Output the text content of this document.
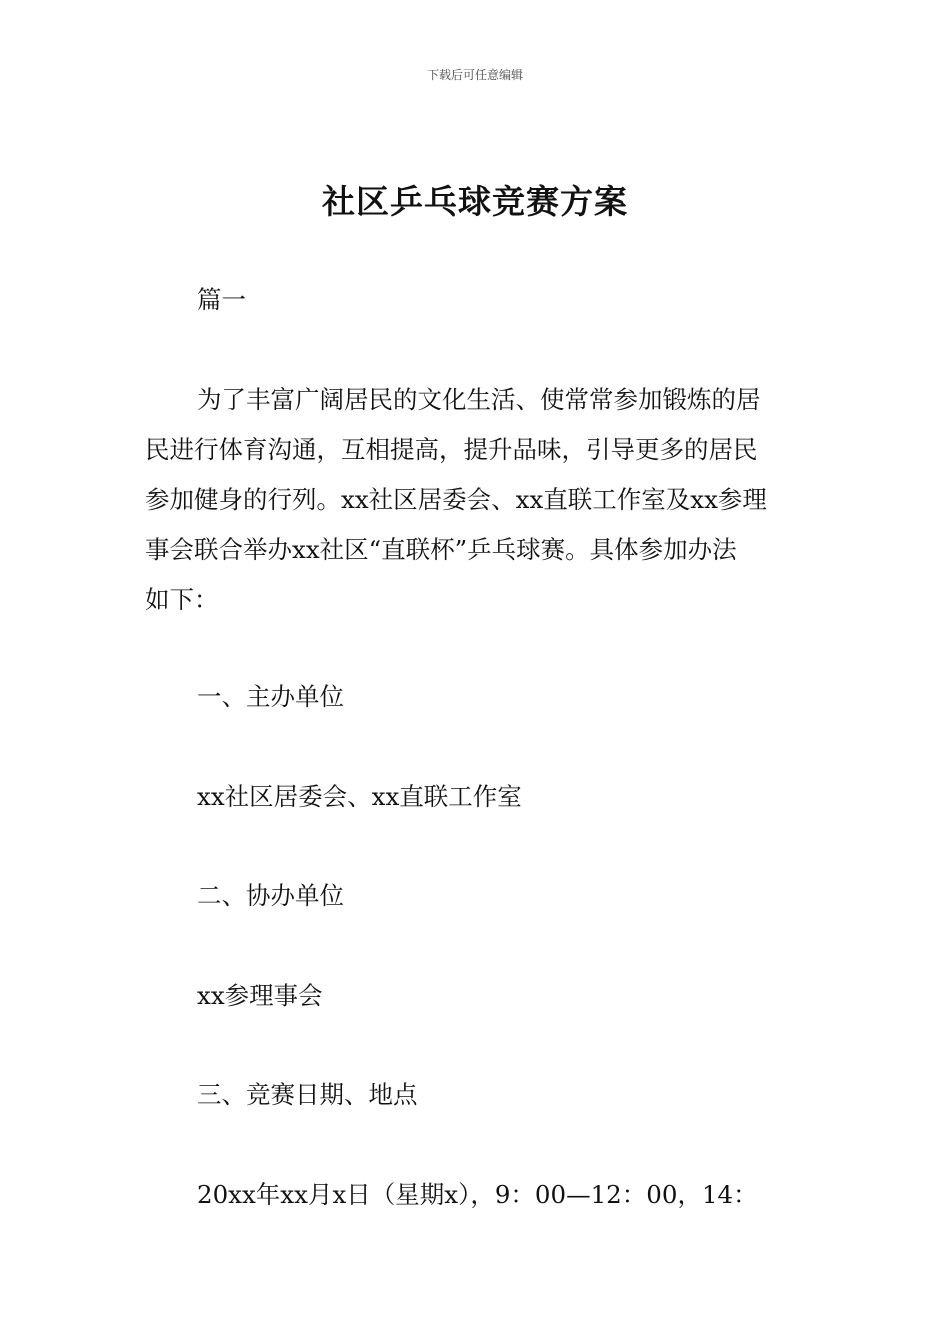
下载后可任意编辑
社区乒乓球竞赛方案

篇一

为了丰富广阔居民的文化生活、使常常参加锻炼的居
民进行体育沟通，互相提高，提升品味，引导更多的居民
参加健身的行列。xx社区居委会、xx直联工作室及xx参理
事会联合举办xx社区“直联杯”乒乓球赛。具体参加办法
如下：

一、主办单位

xx社区居委会、xx直联工作室

二、协办单位

xx参理事会

三、竞赛日期、地点

20xx年xx月x日（星期x），9：00—12：00，14：
